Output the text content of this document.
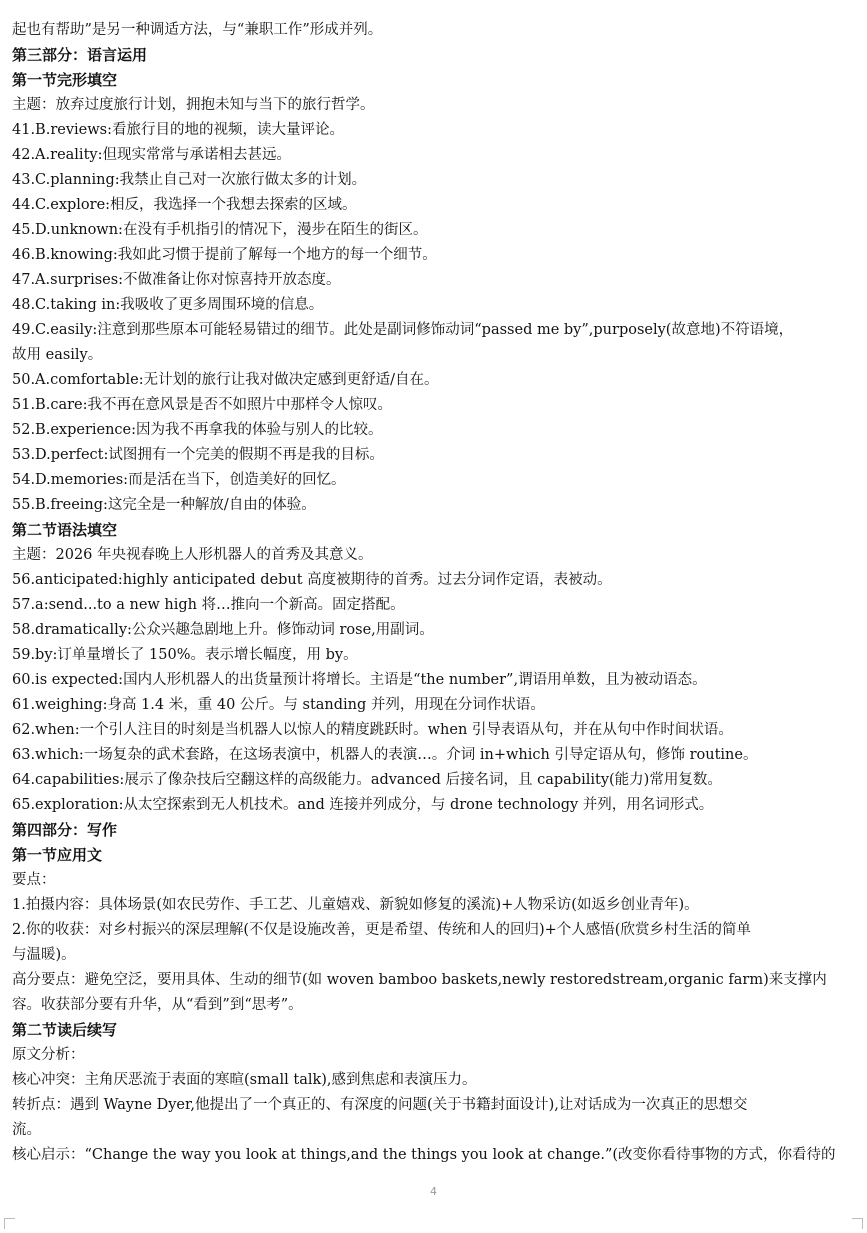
起也有帮助”是另一种调适方法，与“兼职工作”形成并列。
第三部分：语言运用
第一节完形填空
主题：放弃过度旅行计划，拥抱未知与当下的旅行哲学。
41.B.reviews:看旅行目的地的视频，读大量评论。
42.A.reality:但现实常常与承诺相去甚远。
43.C.planning:我禁止自己对一次旅行做太多的计划。
44.C.explore:相反，我选择一个我想去探索的区域。
45.D.unknown:在没有手机指引的情况下，漫步在陌生的街区。
46.B.knowing:我如此习惯于提前了解每一个地方的每一个细节。
47.A.surprises:不做准备让你对惊喜持开放态度。
48.C.taking in:我吸收了更多周围环境的信息。
49.C.easily:注意到那些原本可能轻易错过的细节。此处是副词修饰动词“passed me by”,purposely(故意地)不符语境，
故用 easily。
50.A.comfortable:无计划的旅行让我对做决定感到更舒适/自在。
51.B.care:我不再在意风景是否不如照片中那样令人惊叹。
52.B.experience:因为我不再拿我的体验与别人的比较。
53.D.perfect:试图拥有一个完美的假期不再是我的目标。
54.D.memories:而是活在当下，创造美好的回忆。
55.B.freeing:这完全是一种解放/自由的体验。
第二节语法填空
主题：2026 年央视春晚上人形机器人的首秀及其意义。
56.anticipated:highly anticipated debut 高度被期待的首秀。过去分词作定语，表被动。
57.a:send...to a new high 将…推向一个新高。固定搭配。
58.dramatically:公众兴趣急剧地上升。修饰动词 rose,用副词。
59.by:订单量增长了 150%。表示增长幅度，用 by。
60.is expected:国内人形机器人的出货量预计将增长。主语是“the number”,谓语用单数，且为被动语态。
61.weighing:身高 1.4 米，重 40 公斤。与 standing 并列，用现在分词作状语。
62.when:一个引人注目的时刻是当机器人以惊人的精度跳跃时。when 引导表语从句，并在从句中作时间状语。
63.which:一场复杂的武术套路，在这场表演中，机器人的表演…。介词 in+which 引导定语从句，修饰 routine。
64.capabilities:展示了像杂技后空翻这样的高级能力。advanced 后接名词，且 capability(能力)常用复数。
65.exploration:从太空探索到无人机技术。and 连接并列成分，与 drone technology 并列，用名词形式。
第四部分：写作
第一节应用文
要点：
1.拍摄内容：具体场景(如农民劳作、手工艺、儿童嬉戏、新貌如修复的溪流)+人物采访(如返乡创业青年)。
2.你的收获：对乡村振兴的深层理解(不仅是设施改善，更是希望、传统和人的回归)+个人感悟(欣赏乡村生活的简单
与温暖)。
高分要点：避免空泛，要用具体、生动的细节(如 woven bamboo baskets,newly restoredstream,organic farm)来支撑内
容。收获部分要有升华，从“看到”到“思考”。
第二节读后续写
原文分析：
核心冲突：主角厌恶流于表面的寒暄(small talk),感到焦虑和表演压力。
转折点：遇到 Wayne Dyer,他提出了一个真正的、有深度的问题(关于书籍封面设计),让对话成为一次真正的思想交
流。
核心启示：“Change the way you look at things,and the things you look at change.”(改变你看待事物的方式，你看待的
4
